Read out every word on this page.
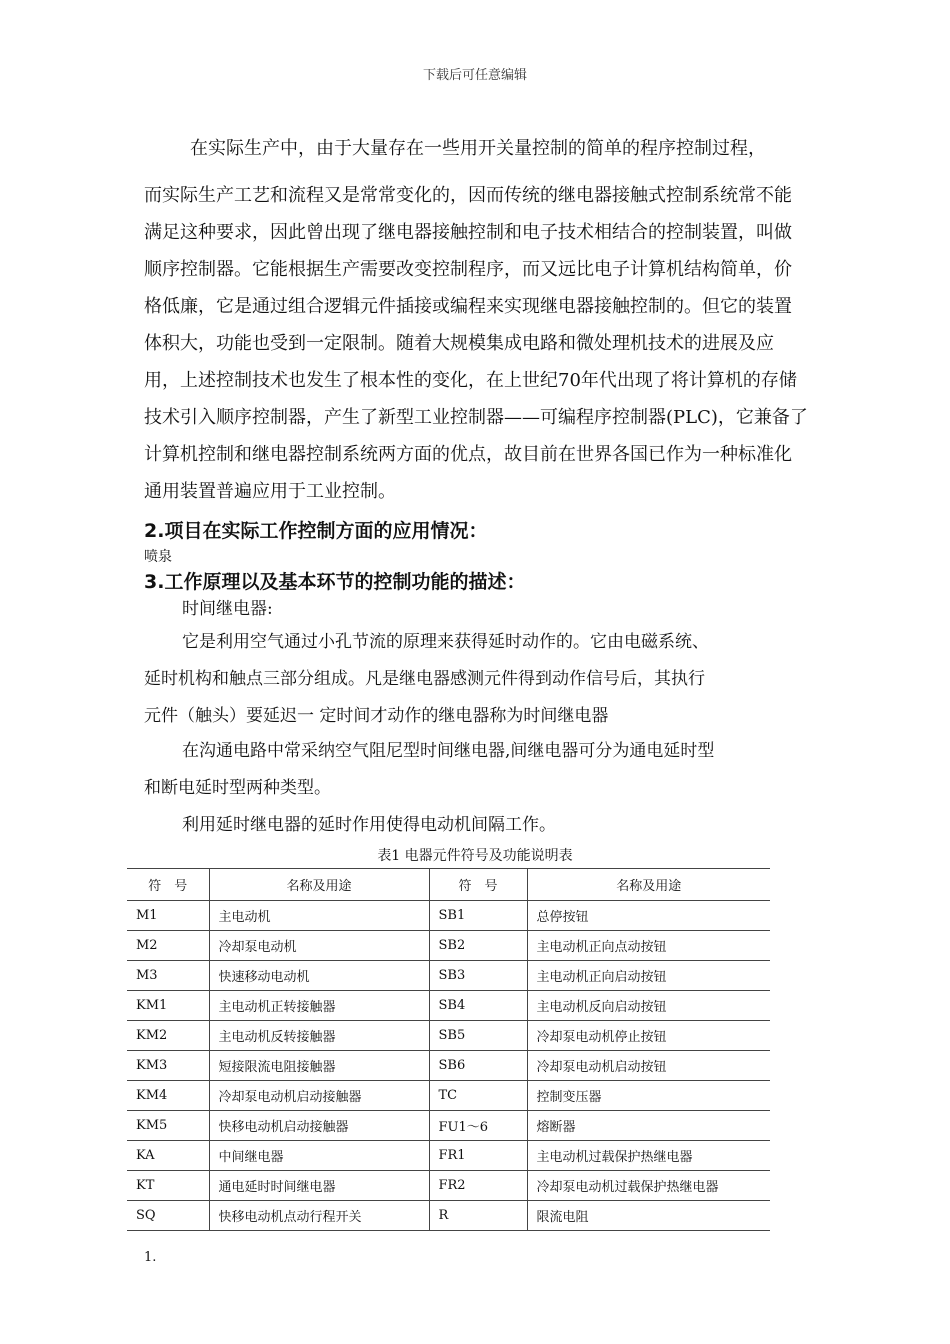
下载后可任意编辑
在实际生产中，由于大量存在一些用开关量控制的简单的程序控制过程，
而实际生产工艺和流程又是常常变化的，因而传统的继电器接触式控制系统常不能满足这种要求，因此曾出现了继电器接触控制和电子技术相结合的控制装置，叫做顺序控制器。它能根据生产需要改变控制程序，而又远比电子计算机结构简单，价格低廉，它是通过组合逻辑元件插接或编程来实现继电器接触控制的。但它的装置体积大，功能也受到一定限制。随着大规模集成电路和微处理机技术的进展及应用，上述控制技术也发生了根本性的变化，在上世纪70年代出现了将计算机的存储技术引入顺序控制器，产生了新型工业控制器——可编程序控制器(PLC)，它兼备了计算机控制和继电器控制系统两方面的优点，故目前在世界各国已作为一种标准化通用装置普遍应用于工业控制。
2.项目在实际工作控制方面的应用情况：
喷泉
3.工作原理以及基本环节的控制功能的描述：
时间继电器:
它是利用空气通过小孔节流的原理来获得延时动作的。它由电磁系统、
延时机构和触点三部分组成。凡是继电器感测元件得到动作信号后，其执行
元件（触头）要延迟一 定时间才动作的继电器称为时间继电器
在沟通电路中常采纳空气阻尼型时间继电器,间继电器可分为通电延时型
和断电延时型两种类型。
利用延时继电器的延时作用使得电动机间隔工作。
表1 电器元件符号及功能说明表
符　号	名称及用途	符　号	名称及用途
M1	主电动机	SB1	总停按钮
M2	冷却泵电动机	SB2	主电动机正向点动按钮
M3	快速移动电动机	SB3	主电动机正向启动按钮
KM1	主电动机正转接触器	SB4	主电动机反向启动按钮
KM2	主电动机反转接触器	SB5	冷却泵电动机停止按钮
KM3	短接限流电阻接触器	SB6	冷却泵电动机启动按钮
KM4	冷却泵电动机启动接触器	TC	控制变压器
KM5	快移电动机启动接触器	FU1～6	熔断器
KA	中间继电器	FR1	主电动机过载保护热继电器
KT	通电延时时间继电器	FR2	冷却泵电动机过载保护热继电器
SQ	快移电动机点动行程开关	R	限流电阻
1.
